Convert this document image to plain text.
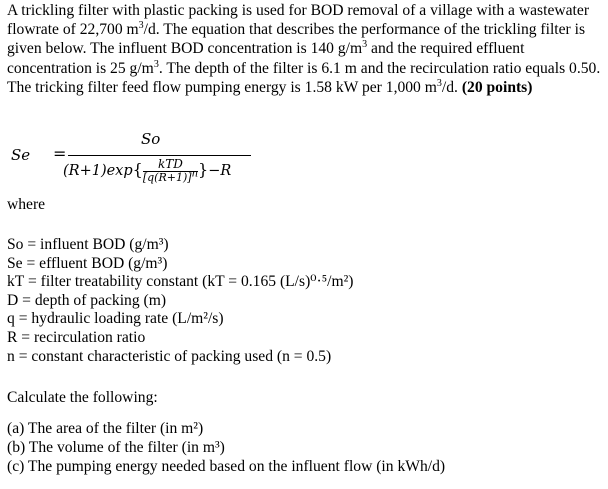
A trickling filter with plastic packing is used for BOD removal of a village with a wastewater flowrate of 22,700 $m^3/d$. The equation that describes the performance of the trickling filter is given below. The influent BOD concentration is 140 $g/m^3$ and the required effluent concentration is 25 $g/m^3$. The depth of the filter is 6.1 m and the recirculation ratio equals 0.50. The tricking filter feed flow pumping energy is 1.58 kW per 1,000 $m^3/d$. (20 points)
Se =
So
(R+1)exp{	kTD
$[q(R+1)]^n$ }−R
where
So = influent BOD (g/m³)
Se = effluent BOD (g/m³)
kT = filter treatability constant (kT = 0.165 (L/s)⁰·⁵/m²)
D = depth of packing (m)
q = hydraulic loading rate (L/m²/s)
R = recirculation ratio
n = constant characteristic of packing used (n = 0.5)
Calculate the following:
(a) The area of the filter (in m²)
(b) The volume of the filter (in m³)
(c) The pumping energy needed based on the influent flow (in kWh/d)
